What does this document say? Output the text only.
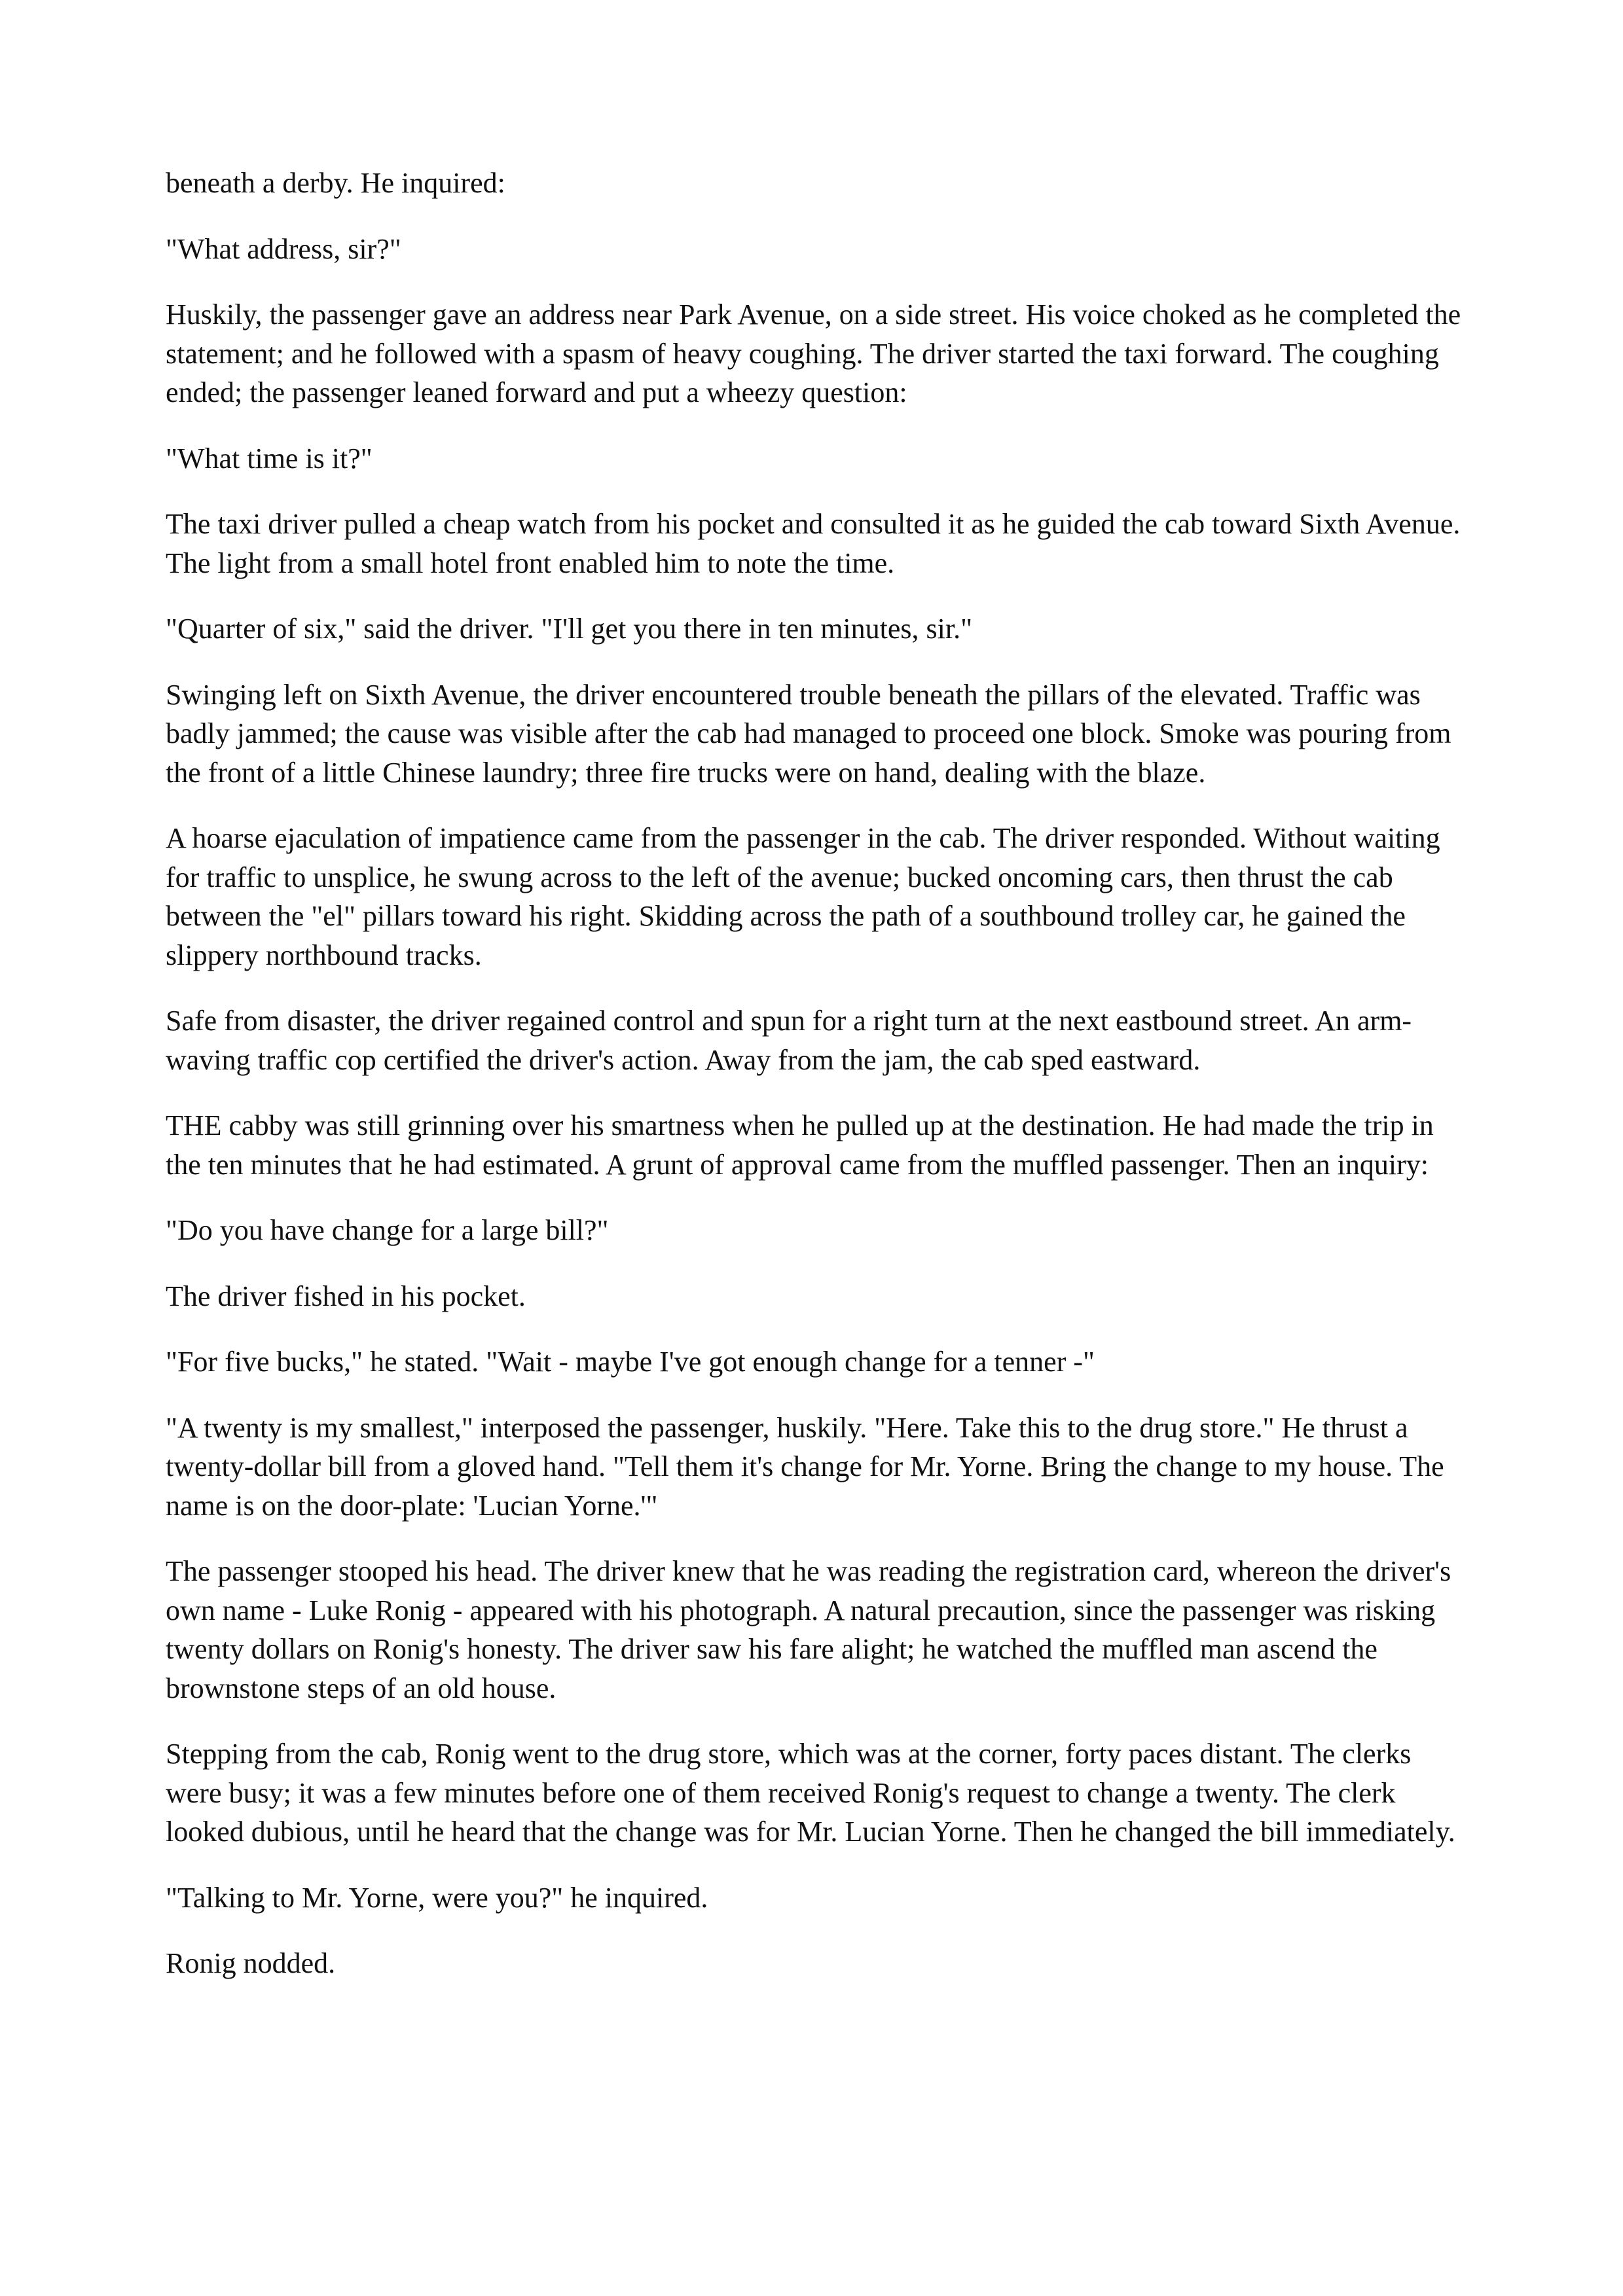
beneath a derby. He inquired:

"What address, sir?"

Huskily, the passenger gave an address near Park Avenue, on a side street. His voice choked as he completed the statement; and he followed with a spasm of heavy coughing. The driver started the taxi forward. The coughing ended; the passenger leaned forward and put a wheezy question:

"What time is it?"

The taxi driver pulled a cheap watch from his pocket and consulted it as he guided the cab toward Sixth Avenue. The light from a small hotel front enabled him to note the time.

"Quarter of six," said the driver. "I'll get you there in ten minutes, sir."

Swinging left on Sixth Avenue, the driver encountered trouble beneath the pillars of the elevated. Traffic was badly jammed; the cause was visible after the cab had managed to proceed one block. Smoke was pouring from the front of a little Chinese laundry; three fire trucks were on hand, dealing with the blaze.

A hoarse ejaculation of impatience came from the passenger in the cab. The driver responded. Without waiting for traffic to unsplice, he swung across to the left of the avenue; bucked oncoming cars, then thrust the cab between the "el" pillars toward his right. Skidding across the path of a southbound trolley car, he gained the slippery northbound tracks.

Safe from disaster, the driver regained control and spun for a right turn at the next eastbound street. An arm-waving traffic cop certified the driver's action. Away from the jam, the cab sped eastward.

THE cabby was still grinning over his smartness when he pulled up at the destination. He had made the trip in the ten minutes that he had estimated. A grunt of approval came from the muffled passenger. Then an inquiry:

"Do you have change for a large bill?"

The driver fished in his pocket.

"For five bucks," he stated. "Wait - maybe I've got enough change for a tenner -"

"A twenty is my smallest," interposed the passenger, huskily. "Here. Take this to the drug store." He thrust a twenty-dollar bill from a gloved hand. "Tell them it's change for Mr. Yorne. Bring the change to my house. The name is on the door-plate: 'Lucian Yorne.'"

The passenger stooped his head. The driver knew that he was reading the registration card, whereon the driver's own name - Luke Ronig - appeared with his photograph. A natural precaution, since the passenger was risking twenty dollars on Ronig's honesty. The driver saw his fare alight; he watched the muffled man ascend the brownstone steps of an old house.

Stepping from the cab, Ronig went to the drug store, which was at the corner, forty paces distant. The clerks were busy; it was a few minutes before one of them received Ronig's request to change a twenty. The clerk looked dubious, until he heard that the change was for Mr. Lucian Yorne. Then he changed the bill immediately.

"Talking to Mr. Yorne, were you?" he inquired.

Ronig nodded.
